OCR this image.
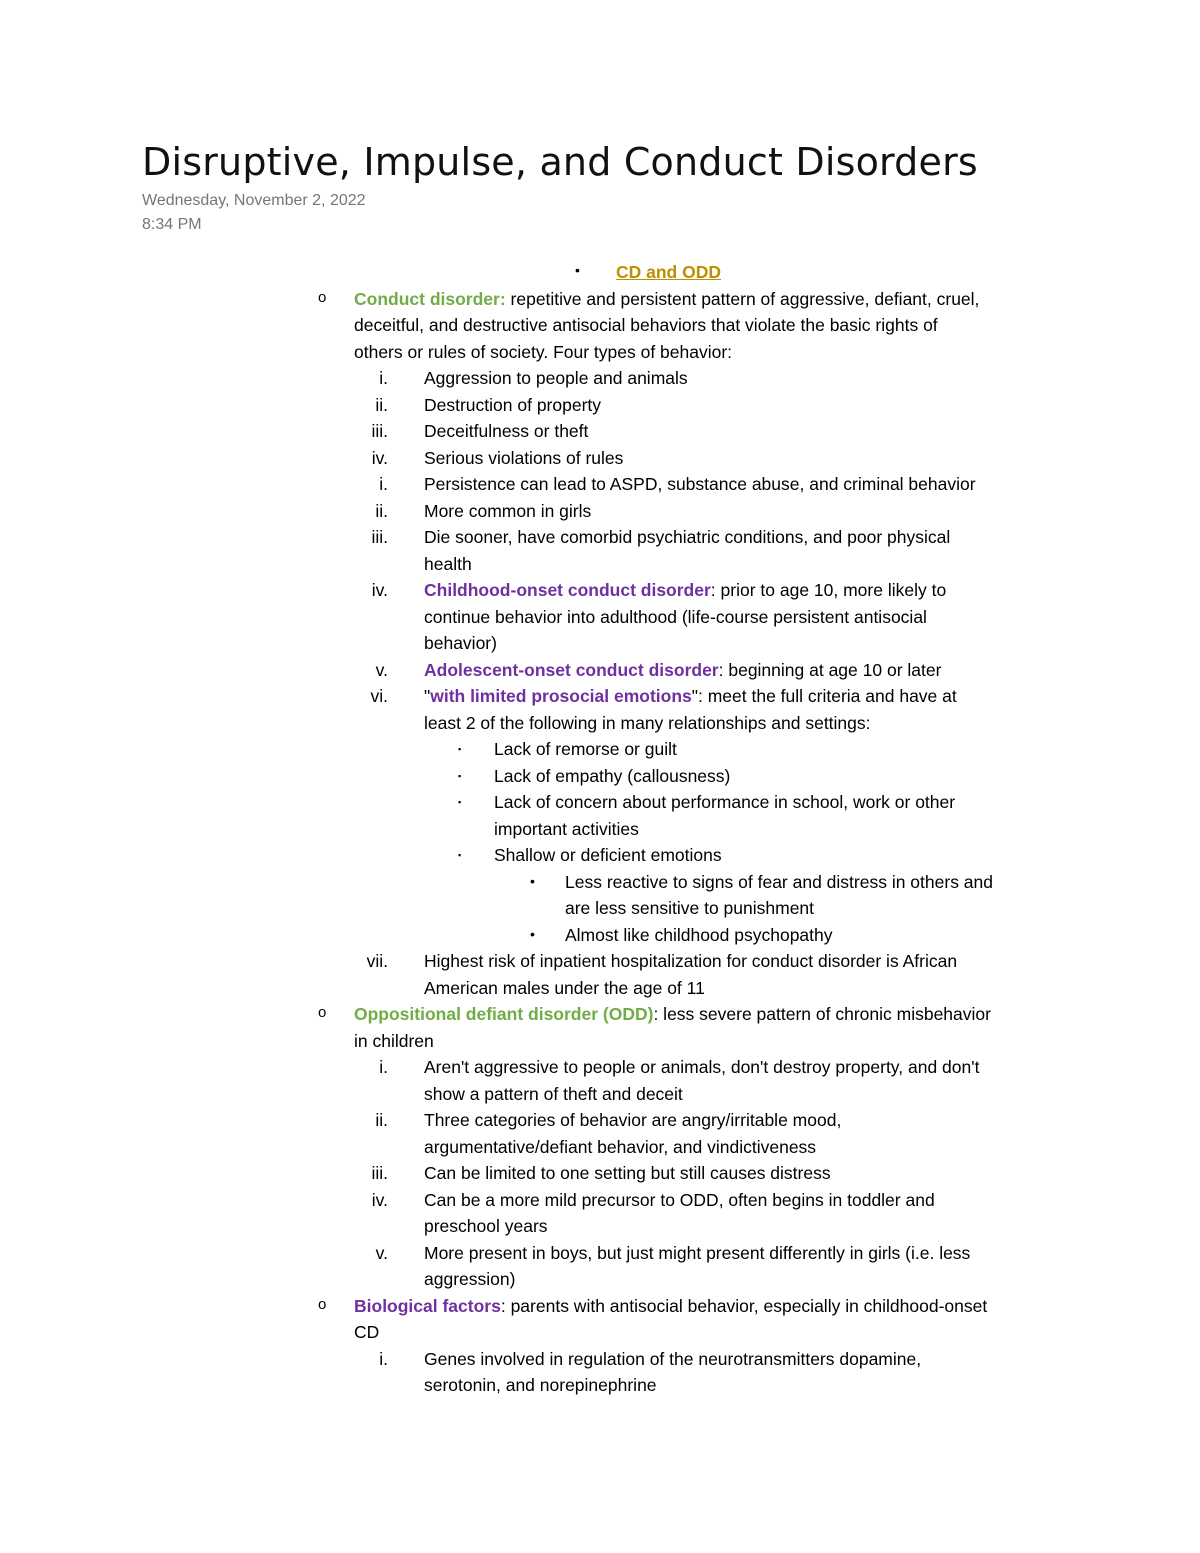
Disruptive, Impulse, and Conduct Disorders
Wednesday, November 2, 2022
8:34 PM
• CD and ODD
o Conduct disorder: repetitive and persistent pattern of aggressive, defiant, cruel,
deceitful, and destructive antisocial behaviors that violate the basic rights of
others or rules of society. Four types of behavior:
i. Aggression to people and animals
ii. Destruction of property
iii. Deceitfulness or theft
iv. Serious violations of rules
i. Persistence can lead to ASPD, substance abuse, and criminal behavior
ii. More common in girls
iii. Die sooner, have comorbid psychiatric conditions, and poor physical
health
iv. Childhood-onset conduct disorder: prior to age 10, more likely to
continue behavior into adulthood (life-course persistent antisocial
behavior)
v. Adolescent-onset conduct disorder: beginning at age 10 or later
vi. "with limited prosocial emotions": meet the full criteria and have at
least 2 of the following in many relationships and settings:
▪ Lack of remorse or guilt
▪ Lack of empathy (callousness)
▪ Lack of concern about performance in school, work or other
important activities
▪ Shallow or deficient emotions
• Less reactive to signs of fear and distress in others and
are less sensitive to punishment
• Almost like childhood psychopathy
vii. Highest risk of inpatient hospitalization for conduct disorder is African
American males under the age of 11
o Oppositional defiant disorder (ODD): less severe pattern of chronic misbehavior
in children
i. Aren't aggressive to people or animals, don't destroy property, and don't
show a pattern of theft and deceit
ii. Three categories of behavior are angry/irritable mood,
argumentative/defiant behavior, and vindictiveness
iii. Can be limited to one setting but still causes distress
iv. Can be a more mild precursor to ODD, often begins in toddler and
preschool years
v. More present in boys, but just might present differently in girls (i.e. less
aggression)
o Biological factors: parents with antisocial behavior, especially in childhood-onset
CD
i. Genes involved in regulation of the neurotransmitters dopamine,
serotonin, and norepinephrine
